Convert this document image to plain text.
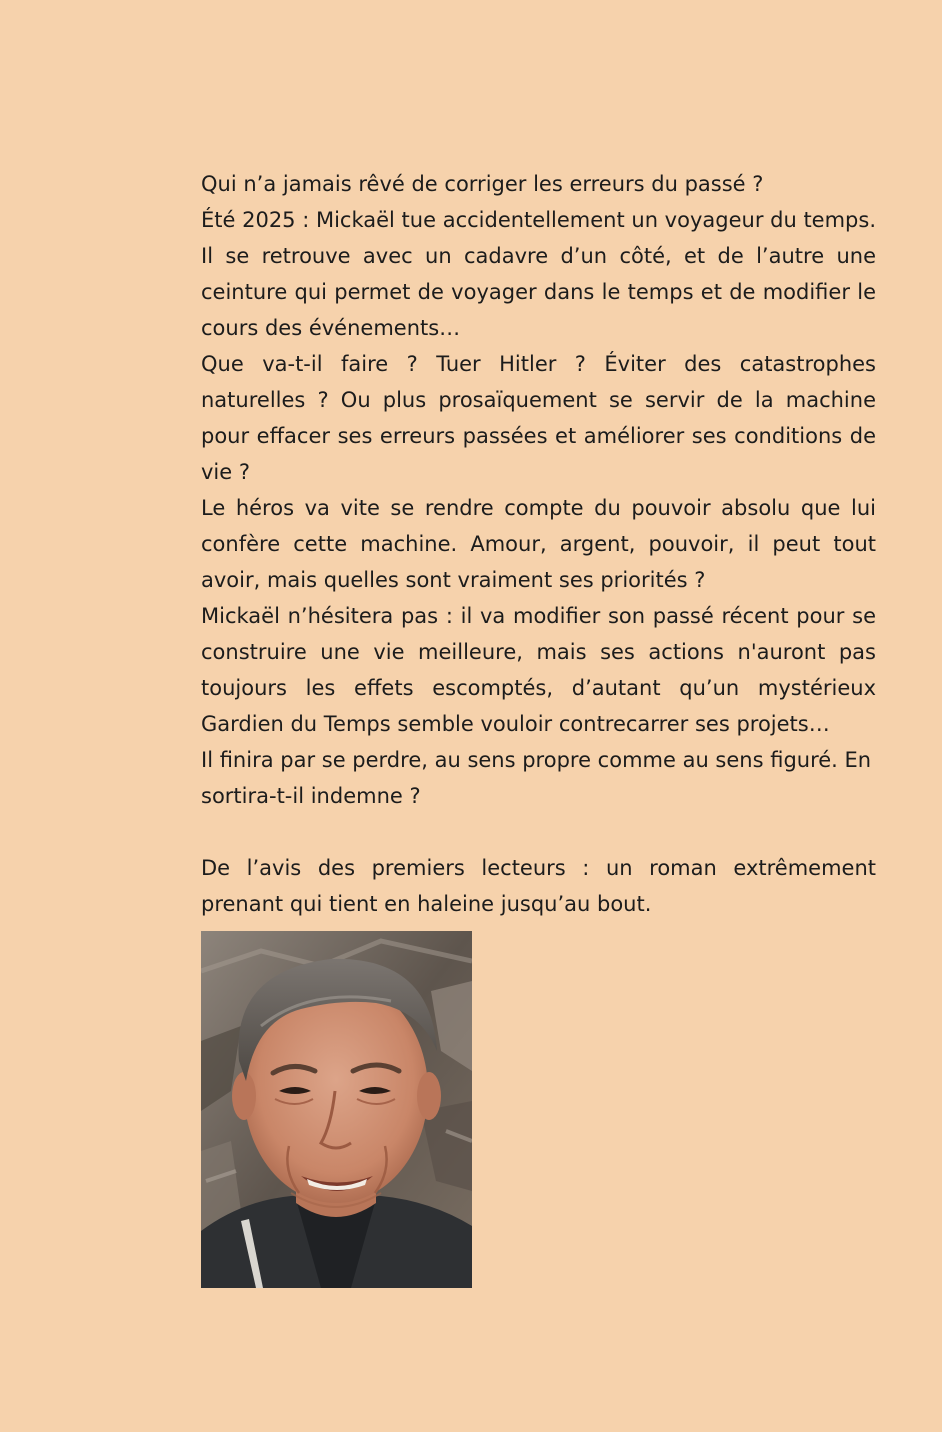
Qui n’a jamais rêvé de corriger les erreurs du passé ?

Été 2025 : Mickaël tue accidentellement un voyageur du temps. Il se retrouve avec un cadavre d’un côté, et de l’autre une ceinture qui permet de voyager dans le temps et de modifier le cours des événements…

Que va-t-il faire ? Tuer Hitler ? Éviter des catastrophes naturelles ? Ou plus prosaïquement se servir de la machine pour effacer ses erreurs passées et améliorer ses conditions de vie ?

Le héros va vite se rendre compte du pouvoir absolu que lui confère cette machine. Amour, argent, pouvoir, il peut tout avoir, mais quelles sont vraiment ses priorités ?

Mickaël n’hésitera pas : il va modifier son passé récent pour se construire une vie meilleure, mais ses actions n'auront pas toujours les effets escomptés, d’autant qu’un mystérieux Gardien du Temps semble vouloir contrecarrer ses projets…

Il finira par se perdre, au sens propre comme au sens figuré. En sortira-t-il indemne ?

De l’avis des premiers lecteurs : un roman extrêmement prenant qui tient en haleine jusqu’au bout.
